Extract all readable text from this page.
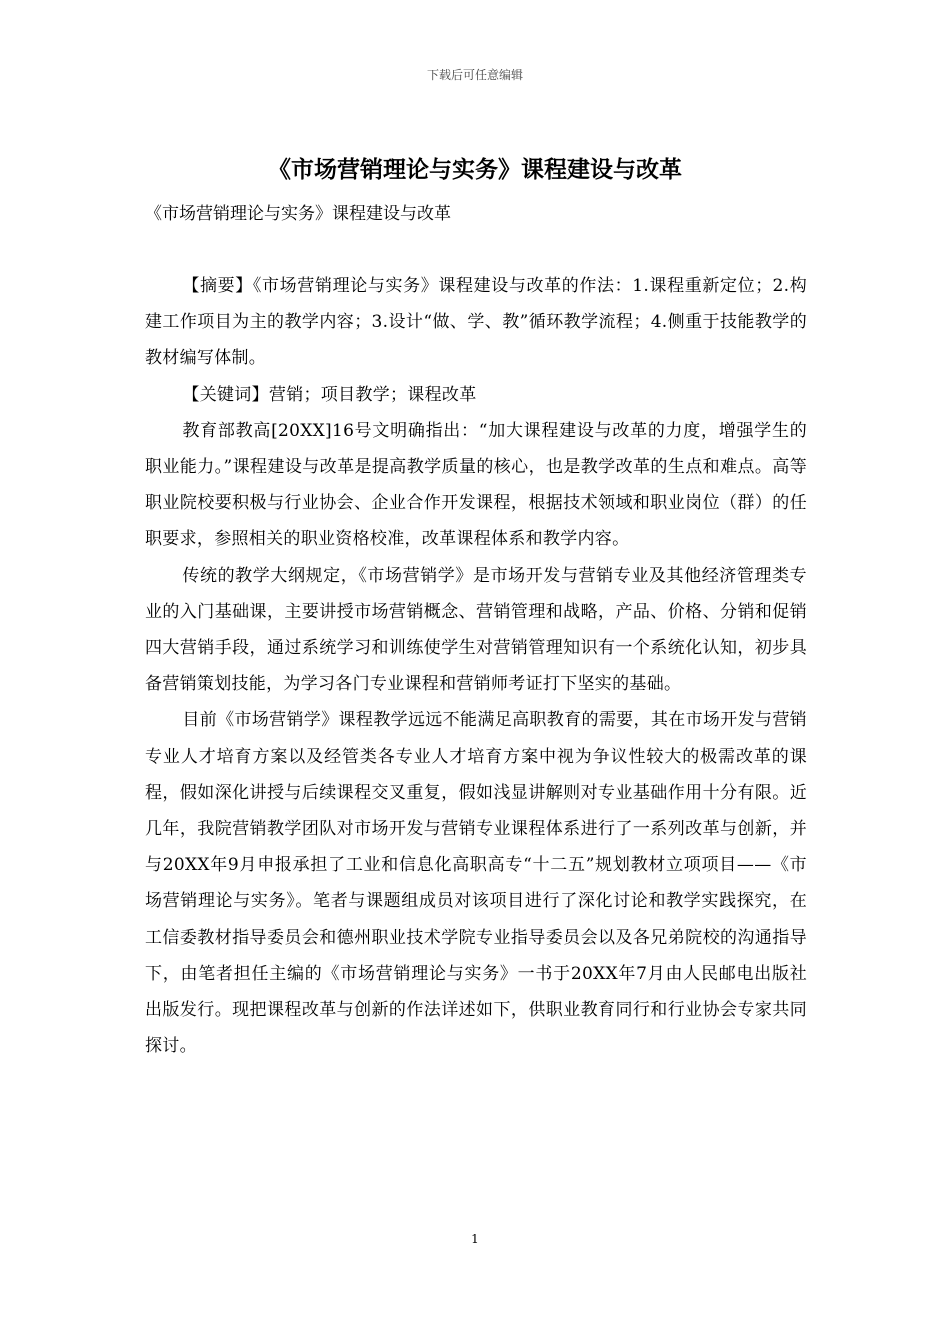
下载后可任意编辑
《市场营销理论与实务》课程建设与改革
《市场营销理论与实务》课程建设与改革

【摘要】《市场营销理论与实务》课程建设与改革的作法：1.课程重新定位；2.构建工作项目为主的教学内容；3.设计“做、学、教”循环教学流程；4.侧重于技能教学的教材编写体制。

【关键词】营销；项目教学；课程改革

教育部教高[20XX]16号文明确指出：“加大课程建设与改革的力度，增强学生的职业能力。”课程建设与改革是提高教学质量的核心，也是教学改革的生点和难点。高等职业院校要积极与行业协会、企业合作开发课程，根据技术领域和职业岗位（群）的任职要求，参照相关的职业资格校准，改革课程体系和教学内容。

传统的教学大纲规定，《市场营销学》是市场开发与营销专业及其他经济管理类专业的入门基础课，主要讲授市场营销概念、营销管理和战略，产品、价格、分销和促销四大营销手段，通过系统学习和训练使学生对营销管理知识有一个系统化认知，初步具备营销策划技能，为学习各门专业课程和营销师考证打下坚实的基础。

目前《市场营销学》课程教学远远不能满足高职教育的需要，其在市场开发与营销专业人才培育方案以及经管类各专业人才培育方案中视为争议性较大的极需改革的课程，假如深化讲授与后续课程交叉重复，假如浅显讲解则对专业基础作用十分有限。近几年，我院营销教学团队对市场开发与营销专业课程体系进行了一系列改革与创新，并与20XX年9月申报承担了工业和信息化高职高专“十二五”规划教材立项项目——《市场营销理论与实务》。笔者与课题组成员对该项目进行了深化讨论和教学实践探究，在工信委教材指导委员会和德州职业技术学院专业指导委员会以及各兄弟院校的沟通指导下，由笔者担任主编的《市场营销理论与实务》一书于20XX年7月由人民邮电出版社出版发行。现把课程改革与创新的作法详述如下，供职业教育同行和行业协会专家共同探讨。

1
